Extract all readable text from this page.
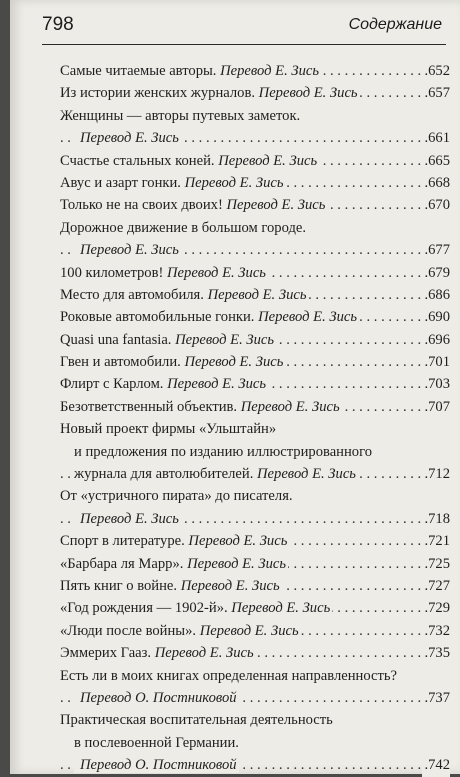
798	Содержание
. . . Самые читаемые авторы. Перевод Е. Зись	.652
. . . Из истории женских журналов. Перевод Е. Зись	.657
Женщины — авторы путевых заметок.
. . . Перевод Е. Зись	.661
. . . Счастье стальных коней. Перевод Е. Зись	.665
. . . Авус и азарт гонки. Перевод Е. Зись	.668
. . . Только не на своих двоих! Перевод Е. Зись	.670
Дорожное движение в большом городе.
. . . Перевод Е. Зись	.677
. . . 100 километров! Перевод Е. Зись	.679
. . . Место для автомобиля. Перевод Е. Зись	.686
. . . Роковые автомобильные гонки. Перевод Е. Зись	.690
. . . Quasi una fantasia. Перевод Е. Зись	.696
. . . Гвен и автомобили. Перевод Е. Зись	.701
. . . Флирт с Карлом. Перевод Е. Зись	.703
. . . Безответственный объектив. Перевод Е. Зись	.707
Новый проект фирмы «Ульштайн»
и предложения по изданию иллюстрированного
. . . журнала для автолюбителей. Перевод Е. Зись	.712
От «устричного пирата» до писателя.
. . . Перевод Е. Зись	.718
. . . Спорт в литературе. Перевод Е. Зись	.721
. . . «Барбара ля Марр». Перевод Е. Зись	.725
. . . Пять книг о войне. Перевод Е. Зись	.727
. . . «Год рождения — 1902-й». Перевод Е. Зись	.729
. . . «Люди после войны». Перевод Е. Зись	.732
. . . Эммерих Гааз. Перевод Е. Зись	.735
Есть ли в моих книгах определенная направленность?
. . . Перевод О. Постниковой	.737
Практическая воспитательная деятельность
в послевоенной Германии.
. . . Перевод О. Постниковой	.742
